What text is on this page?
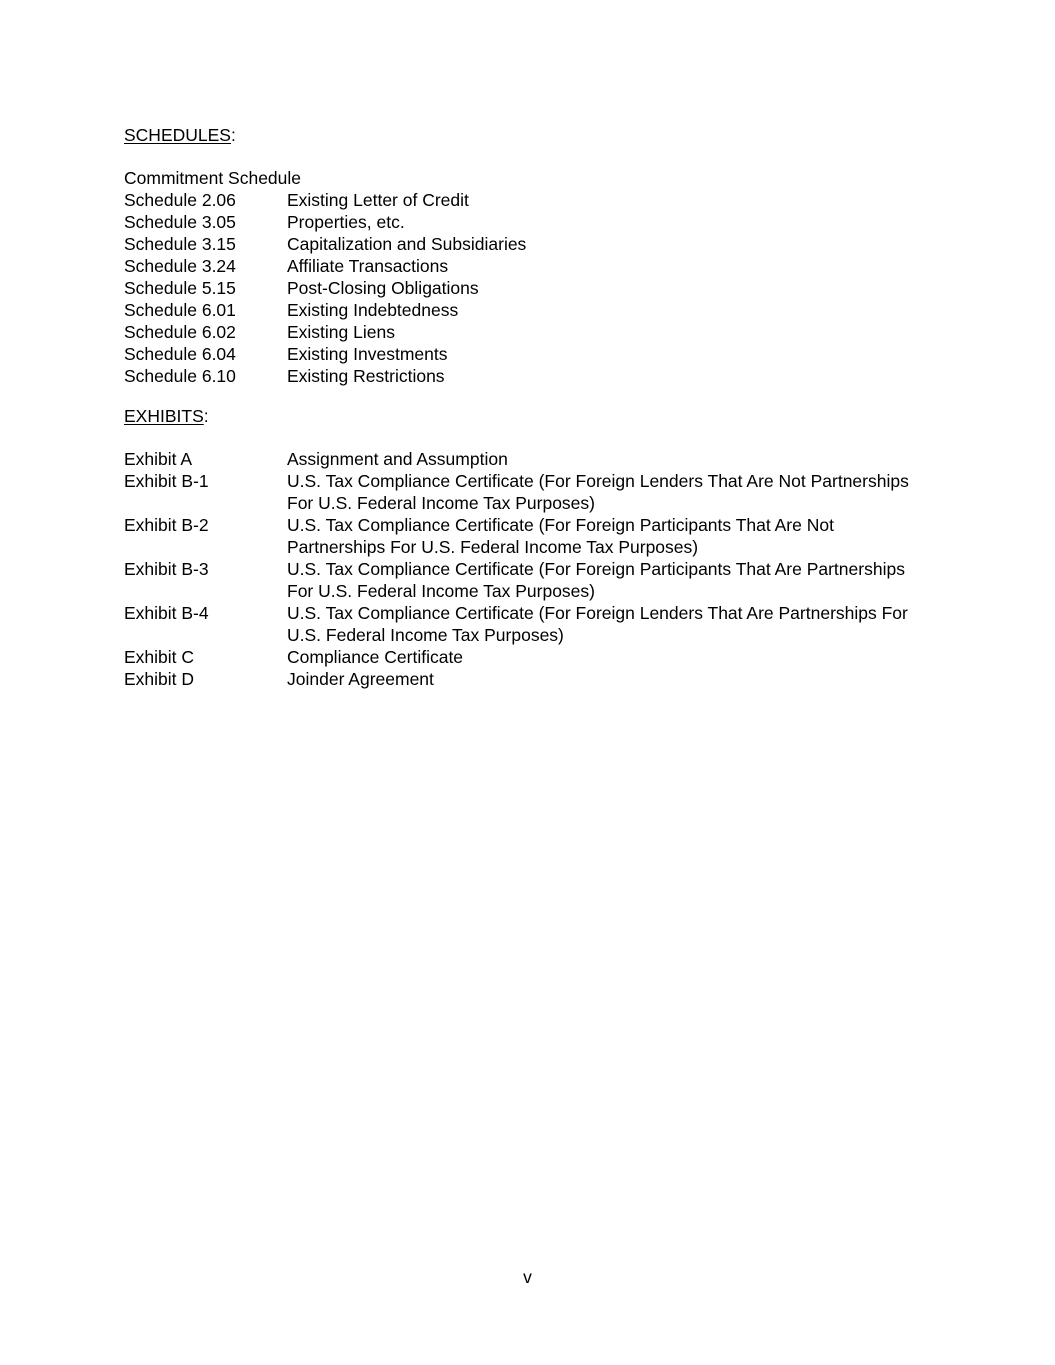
SCHEDULES:
Commitment Schedule
Schedule 2.06	Existing Letter of Credit
Schedule 3.05	Properties, etc.
Schedule 3.15	Capitalization and Subsidiaries
Schedule 3.24	Affiliate Transactions
Schedule 5.15	Post-Closing Obligations
Schedule 6.01	Existing Indebtedness
Schedule 6.02	Existing Liens
Schedule 6.04	Existing Investments
Schedule 6.10	Existing Restrictions
EXHIBITS:
Exhibit A	Assignment and Assumption
Exhibit B-1	U.S. Tax Compliance Certificate (For Foreign Lenders That Are Not Partnerships For U.S. Federal Income Tax Purposes)
Exhibit B-2	U.S. Tax Compliance Certificate (For Foreign Participants That Are Not Partnerships For U.S. Federal Income Tax Purposes)
Exhibit B-3	U.S. Tax Compliance Certificate (For Foreign Participants That Are Partnerships For U.S. Federal Income Tax Purposes)
Exhibit B-4	U.S. Tax Compliance Certificate (For Foreign Lenders That Are Partnerships For U.S. Federal Income Tax Purposes)
Exhibit C	Compliance Certificate
Exhibit D	Joinder Agreement
v
